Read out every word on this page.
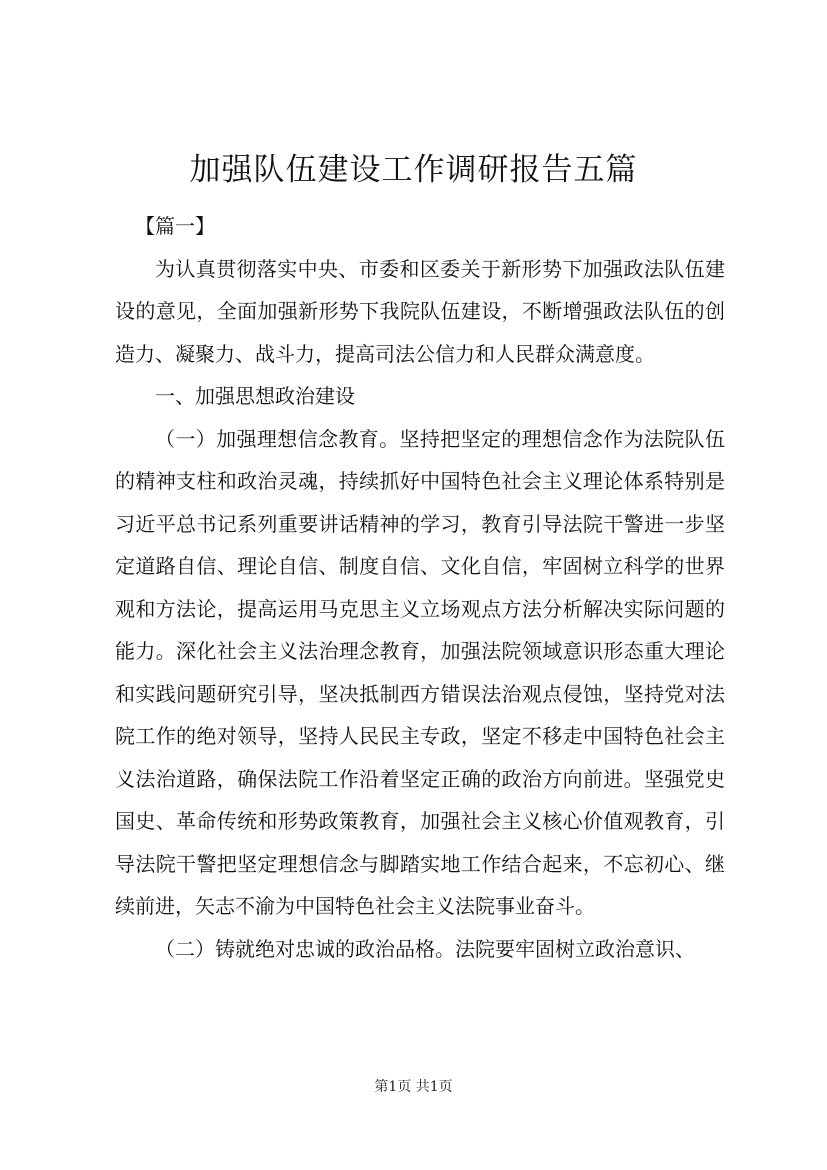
加强队伍建设工作调研报告五篇

【篇一】

为认真贯彻落实中央、市委和区委关于新形势下加强政法队伍建设的意见，全面加强新形势下我院队伍建设，不断增强政法队伍的创造力、凝聚力、战斗力，提高司法公信力和人民群众满意度。

一、加强思想政治建设

（一）加强理想信念教育。坚持把坚定的理想信念作为法院队伍的精神支柱和政治灵魂，持续抓好中国特色社会主义理论体系特别是习近平总书记系列重要讲话精神的学习，教育引导法院干警进一步坚定道路自信、理论自信、制度自信、文化自信，牢固树立科学的世界观和方法论，提高运用马克思主义立场观点方法分析解决实际问题的能力。深化社会主义法治理念教育，加强法院领域意识形态重大理论和实践问题研究引导，坚决抵制西方错误法治观点侵蚀，坚持党对法院工作的绝对领导，坚持人民民主专政，坚定不移走中国特色社会主义法治道路，确保法院工作沿着坚定正确的政治方向前进。坚强党史国史、革命传统和形势政策教育，加强社会主义核心价值观教育，引导法院干警把坚定理想信念与脚踏实地工作结合起来，不忘初心、继续前进，矢志不渝为中国特色社会主义法院事业奋斗。

（二）铸就绝对忠诚的政治品格。法院要牢固树立政治意识、

第1页 共1页
